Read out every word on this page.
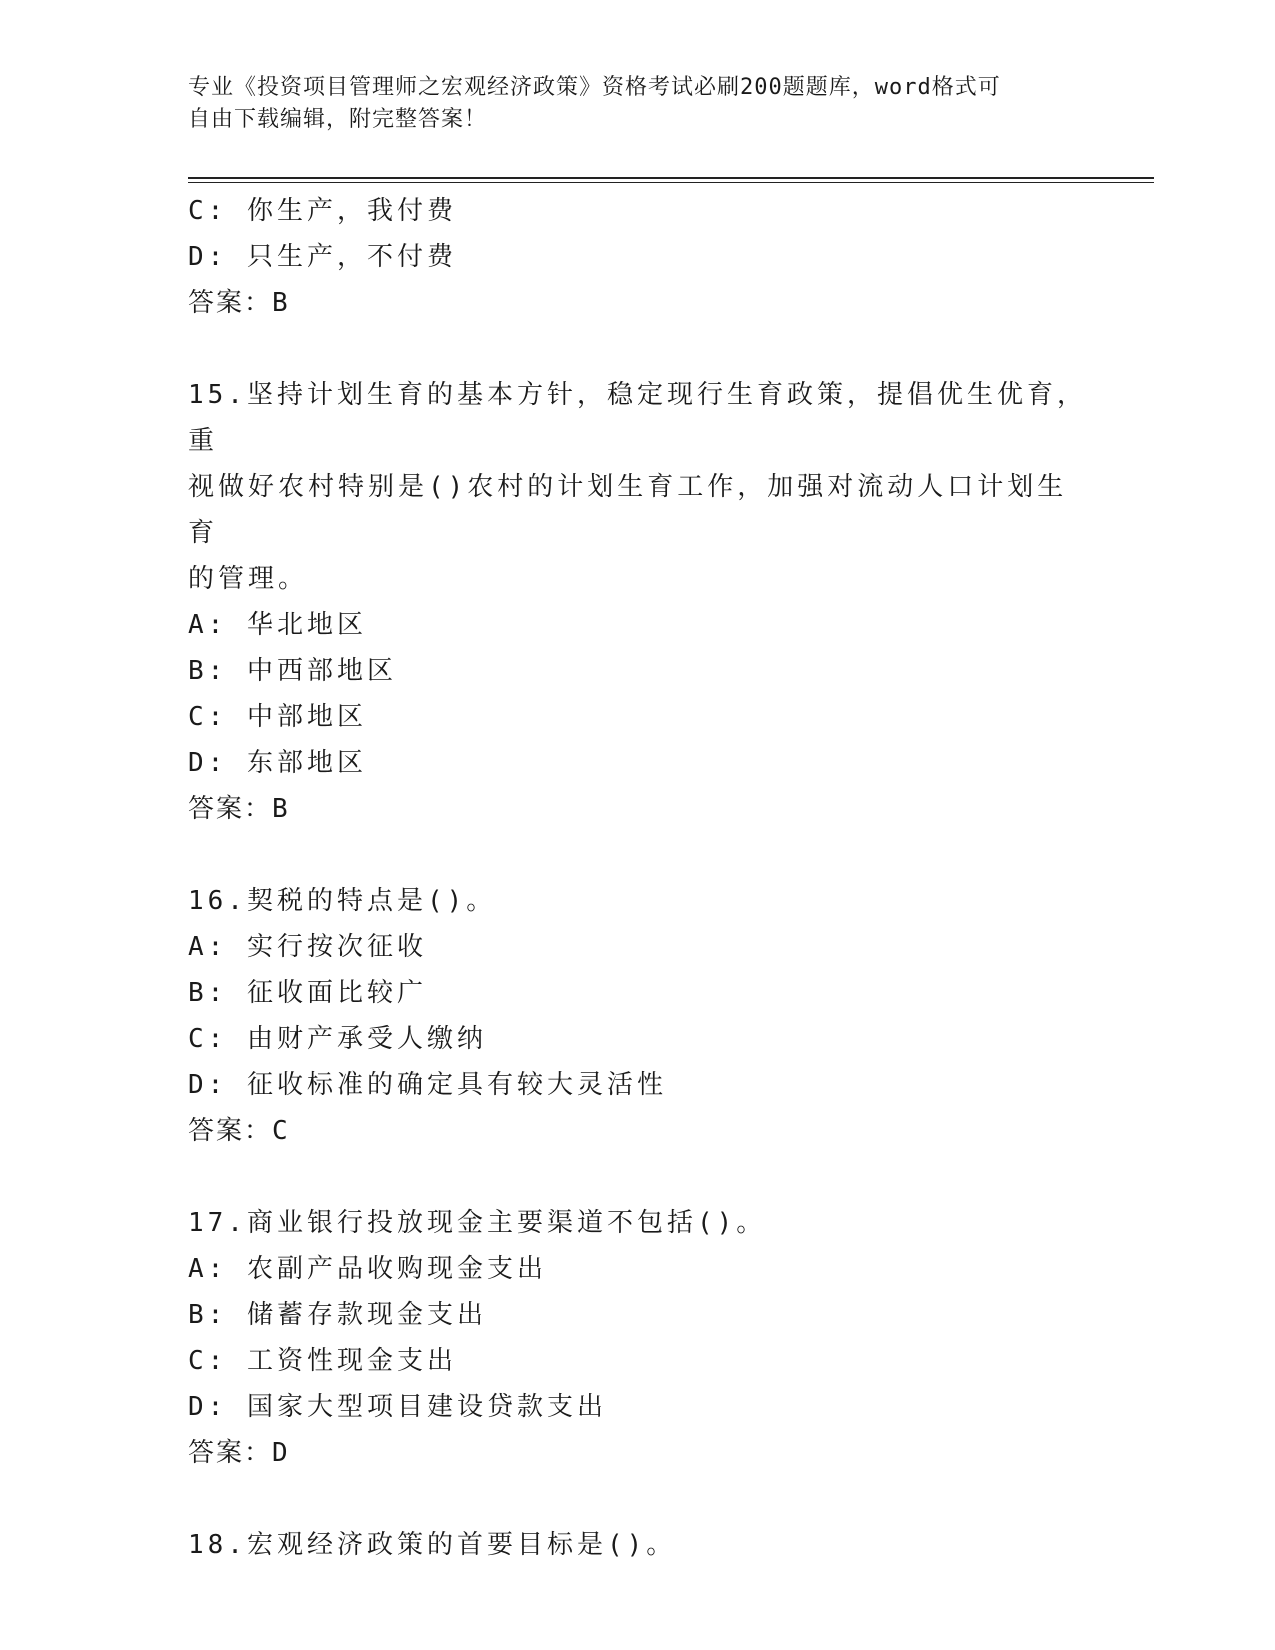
专业《投资项目管理师之宏观经济政策》资格考试必刷200题题库，word格式可
自由下载编辑，附完整答案！
C: 你生产，我付费
D: 只生产，不付费
答案：B
15.坚持计划生育的基本方针，稳定现行生育政策，提倡优生优育，重
视做好农村特别是()农村的计划生育工作，加强对流动人口计划生育
的管理。
A: 华北地区
B: 中西部地区
C: 中部地区
D: 东部地区
答案：B
16.契税的特点是()。
A: 实行按次征收
B: 征收面比较广
C: 由财产承受人缴纳
D: 征收标准的确定具有较大灵活性
答案：C
17.商业银行投放现金主要渠道不包括()。
A: 农副产品收购现金支出
B: 储蓄存款现金支出
C: 工资性现金支出
D: 国家大型项目建设贷款支出
答案：D
18.宏观经济政策的首要目标是()。
